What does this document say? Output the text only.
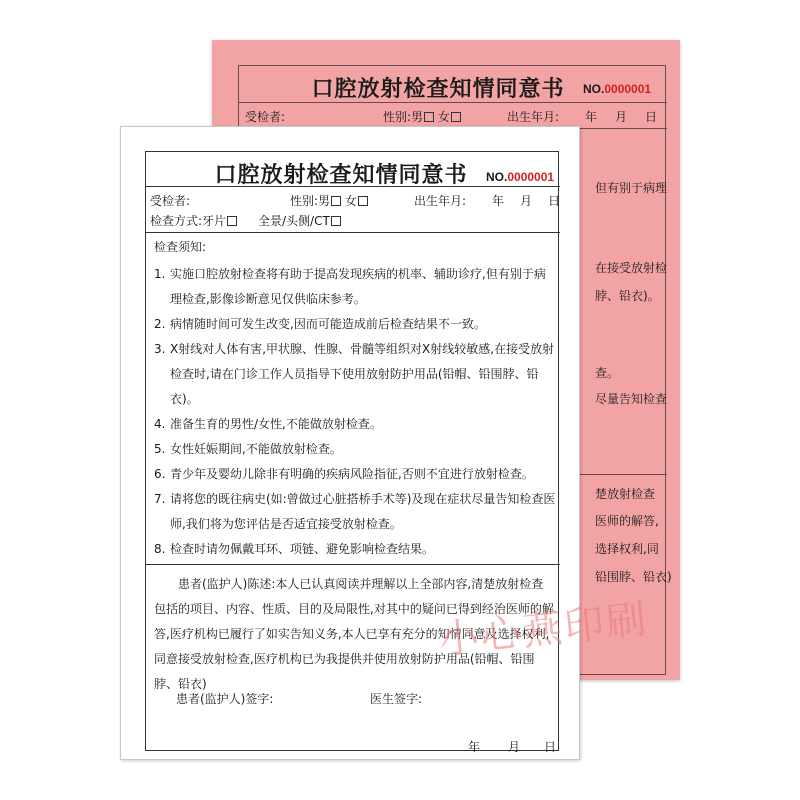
口腔放射检查知情同意书	NO.0000001
受检者:	性别:男 女	出生年月: 年 月 日
但有别于病理
在接受放射检
脖、铅衣)。
查。
尽量告知检查
楚放射检查
医师的解答,
选择权利,同
铅围脖、铅衣)
口腔放射检查知情同意书	NO.0000001
受检者:	性别:男 女	出生年月: 年 月 日
检查方式:牙片	全景/头侧/CT
检查须知:
1. 实施口腔放射检查将有助于提高发现疾病的机率、辅助诊疗,但有别于病理检查,影像诊断意见仅供临床参考。
2. 病情随时间可发生改变,因而可能造成前后检查结果不一致。
3. X射线对人体有害,甲状腺、性腺、骨髓等组织对X射线较敏感,在接受放射检查时,请在门诊工作人员指导下使用放射防护用品(铅帽、铅围脖、铅衣)。
4. 准备生育的男性/女性,不能做放射检查。
5. 女性妊娠期间,不能做放射检查。
6. 青少年及婴幼儿除非有明确的疾病风险指征,否则不宜进行放射检查。
7. 请将您的既往病史(如:曾做过心脏搭桥手术等)及现在症状尽量告知检查医师,我们将为您评估是否适宜接受放射检查。
8. 检查时请勿佩戴耳环、项链、避免影响检查结果。
患者(监护人)陈述:本人已认真阅读并理解以上全部内容,清楚放射检查包括的项目、内容、性质、目的及局限性,对其中的疑问已得到经治医师的解答,医疗机构已履行了如实告知义务,本人已享有充分的知情同意及选择权利,同意接受放射检查,医疗机构已为我提供并使用放射防护用品(铅帽、铅围脖、铅衣)
患者(监护人)签字:	医生签字:
年 月 日
小心燕印刷
